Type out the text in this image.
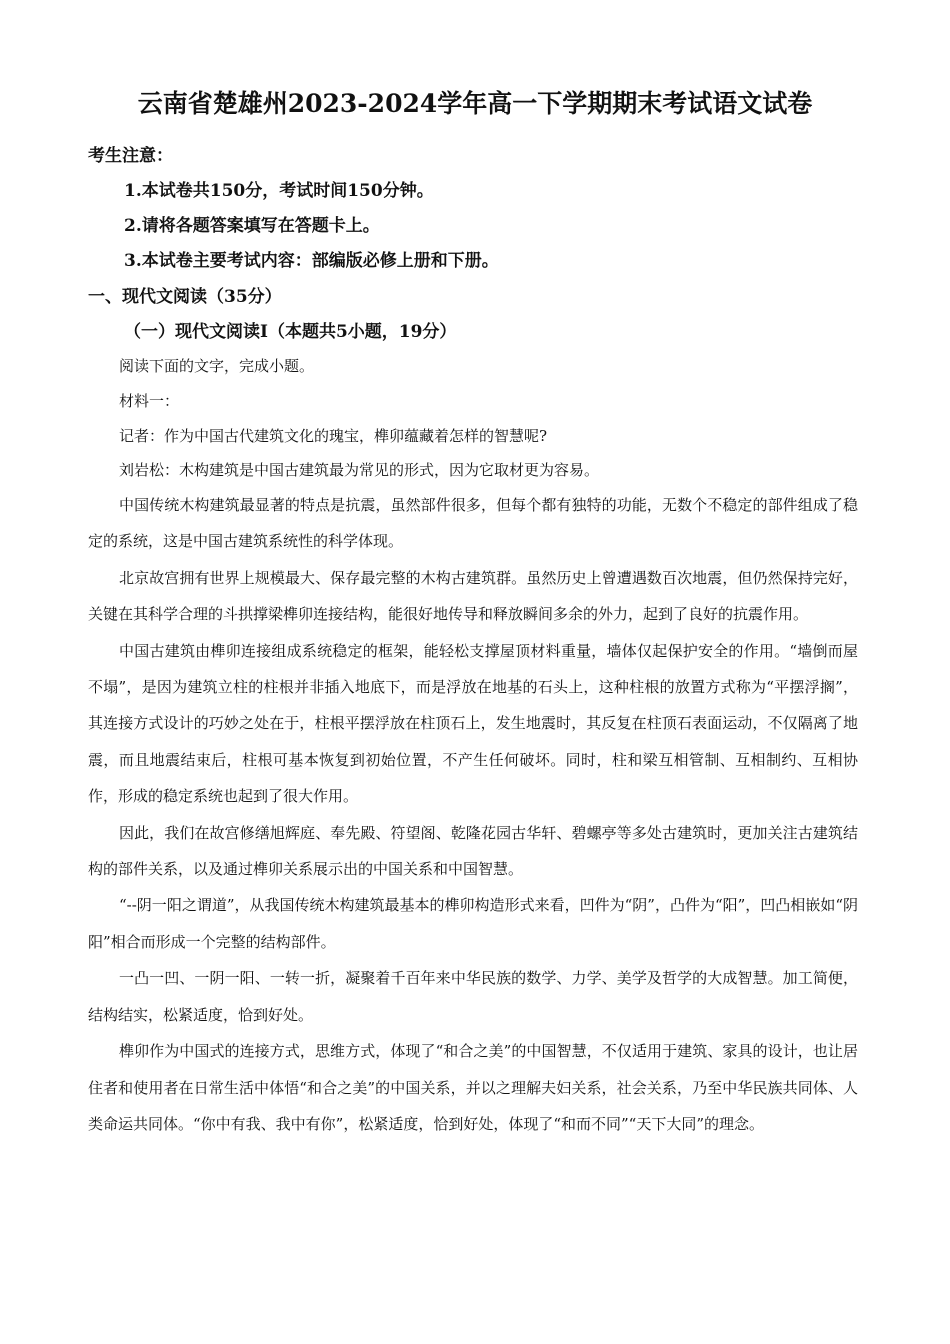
云南省楚雄州2023-2024学年高一下学期期末考试语文试卷
考生注意：
1.本试卷共150分，考试时间150分钟。
2.请将各题答案填写在答题卡上。
3.本试卷主要考试内容：部编版必修上册和下册。
一、现代文阅读（35分）
（一）现代文阅读Ⅰ（本题共5小题，19分）
阅读下面的文字，完成小题。
材料一：
记者：作为中国古代建筑文化的瑰宝，榫卯蕴藏着怎样的智慧呢?
刘岩松：木构建筑是中国古建筑最为常见的形式，因为它取材更为容易。

中国传统木构建筑最显著的特点是抗震，虽然部件很多，但每个都有独特的功能，无数个不稳定的部件组成了稳定的系统，这是中国古建筑系统性的科学体现。

北京故宫拥有世界上规模最大、保存最完整的木构古建筑群。虽然历史上曾遭遇数百次地震，但仍然保持完好，关键在其科学合理的斗拱撑梁榫卯连接结构，能很好地传导和释放瞬间多余的外力，起到了良好的抗震作用。

中国古建筑由榫卯连接组成系统稳定的框架，能轻松支撑屋顶材料重量，墙体仅起保护安全的作用。“墙倒而屋不塌”，是因为建筑立柱的柱根并非插入地底下，而是浮放在地基的石头上，这种柱根的放置方式称为“平摆浮搁”，其连接方式设计的巧妙之处在于，柱根平摆浮放在柱顶石上，发生地震时，其反复在柱顶石表面运动，不仅隔离了地震，而且地震结束后，柱根可基本恢复到初始位置，不产生任何破坏。同时，柱和梁互相管制、互相制约、互相协作，形成的稳定系统也起到了很大作用。

因此，我们在故宫修缮旭辉庭、奉先殿、符望阁、乾隆花园古华轩、碧螺亭等多处古建筑时，更加关注古建筑结构的部件关系，以及通过榫卯关系展示出的中国关系和中国智慧。

“--阴一阳之谓道”，从我国传统木构建筑最基本的榫卯构造形式来看，凹件为“阴”，凸件为“阳”，凹凸相嵌如“阴阳”相合而形成一个完整的结构部件。

一凸一凹、一阴一阳、一转一折，凝聚着千百年来中华民族的数学、力学、美学及哲学的大成智慧。加工简便，结构结实，松紧适度，恰到好处。

榫卯作为中国式的连接方式，思维方式，体现了“和合之美”的中国智慧，不仅适用于建筑、家具的设计，也让居住者和使用者在日常生活中体悟“和合之美”的中国关系，并以之理解夫妇关系，社会关系，乃至中华民族共同体、人类命运共同体。“你中有我、我中有你”，松紧适度，恰到好处，体现了“和而不同”“天下大同”的理念。
